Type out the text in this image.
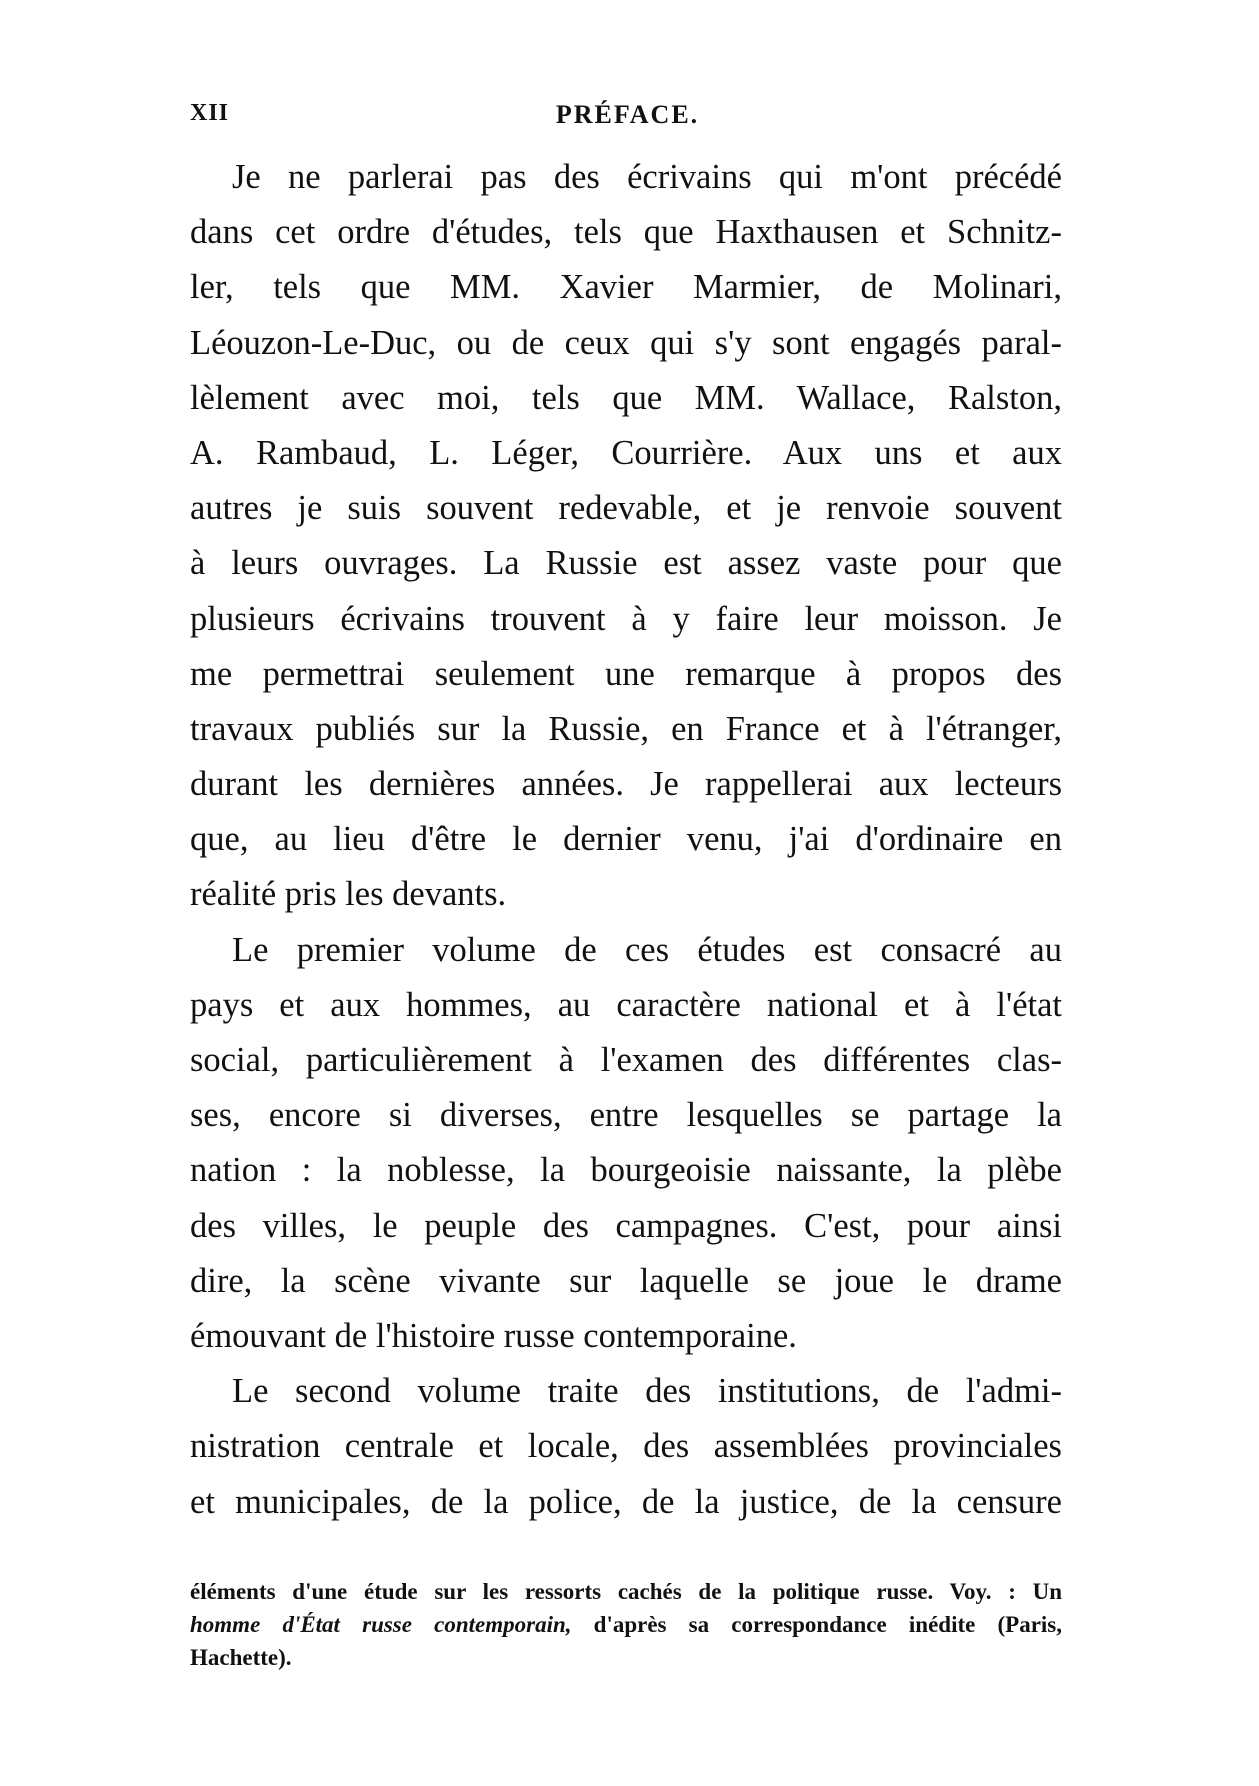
XII	PRÉFACE.

Je ne parlerai pas des écrivains qui m'ont précédé
dans cet ordre d'études, tels que Haxthausen et Schnitz-
ler, tels que MM. Xavier Marmier, de Molinari,
Léouzon-Le-Duc, ou de ceux qui s'y sont engagés paral-
lèlement avec moi, tels que MM. Wallace, Ralston,
A. Rambaud, L. Léger, Courrière. Aux uns et aux
autres je suis souvent redevable, et je renvoie souvent
à leurs ouvrages. La Russie est assez vaste pour que
plusieurs écrivains trouvent à y faire leur moisson. Je
me permettrai seulement une remarque à propos des
travaux publiés sur la Russie, en France et à l'étranger,
durant les dernières années. Je rappellerai aux lecteurs
que, au lieu d'être le dernier venu, j'ai d'ordinaire en
réalité pris les devants.

Le premier volume de ces études est consacré au
pays et aux hommes, au caractère national et à l'état
social, particulièrement à l'examen des différentes clas-
ses, encore si diverses, entre lesquelles se partage la
nation : la noblesse, la bourgeoisie naissante, la plèbe
des villes, le peuple des campagnes. C'est, pour ainsi
dire, la scène vivante sur laquelle se joue le drame
émouvant de l'histoire russe contemporaine.

Le second volume traite des institutions, de l'admi-
nistration centrale et locale, des assemblées provinciales
et municipales, de la police, de la justice, de la censure

éléments d'une étude sur les ressorts cachés de la politique russe. Voy. : Un
homme d'État russe contemporain, d'après sa correspondance inédite (Paris,
Hachette).
